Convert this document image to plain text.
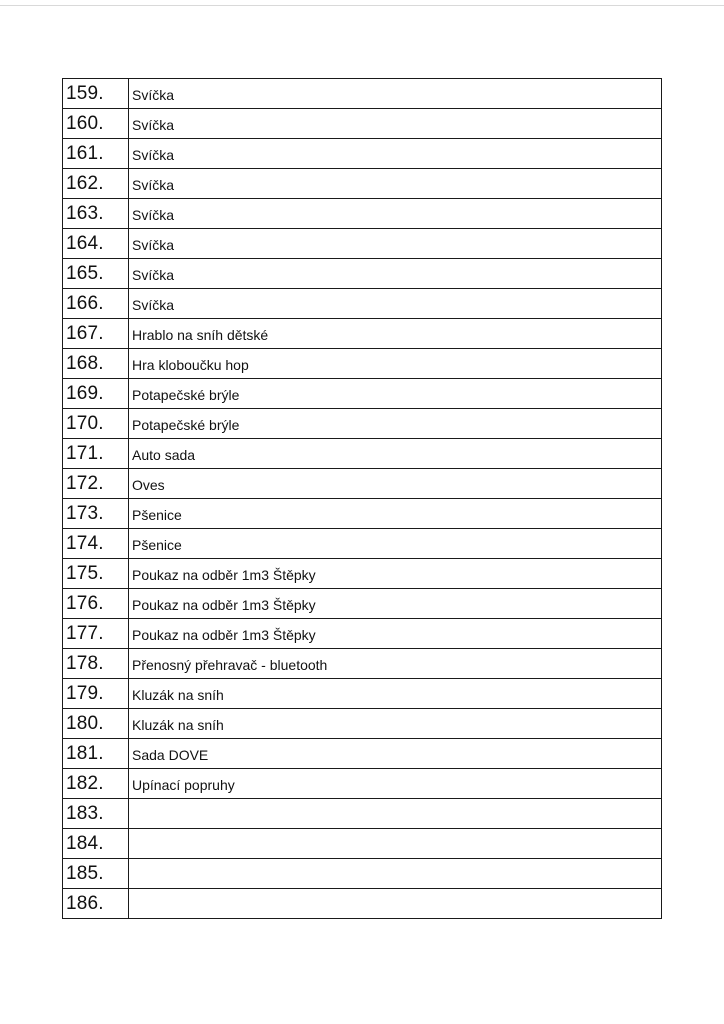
159.	Svíčka
160.	Svíčka
161.	Svíčka
162.	Svíčka
163.	Svíčka
164.	Svíčka
165.	Svíčka
166.	Svíčka
167.	Hrablo na sníh dětské
168.	Hra kloboučku hop
169.	Potapečské brýle
170.	Potapečské brýle
171.	Auto sada
172.	Oves
173.	Pšenice
174.	Pšenice
175.	Poukaz na odběr 1m3 Štěpky
176.	Poukaz na odběr 1m3 Štěpky
177.	Poukaz na odběr 1m3 Štěpky
178.	Přenosný přehravač - bluetooth
179.	Kluzák na sníh
180.	Kluzák na sníh
181.	Sada DOVE
182.	Upínací popruhy
183.	
184.	
185.	
186.	
